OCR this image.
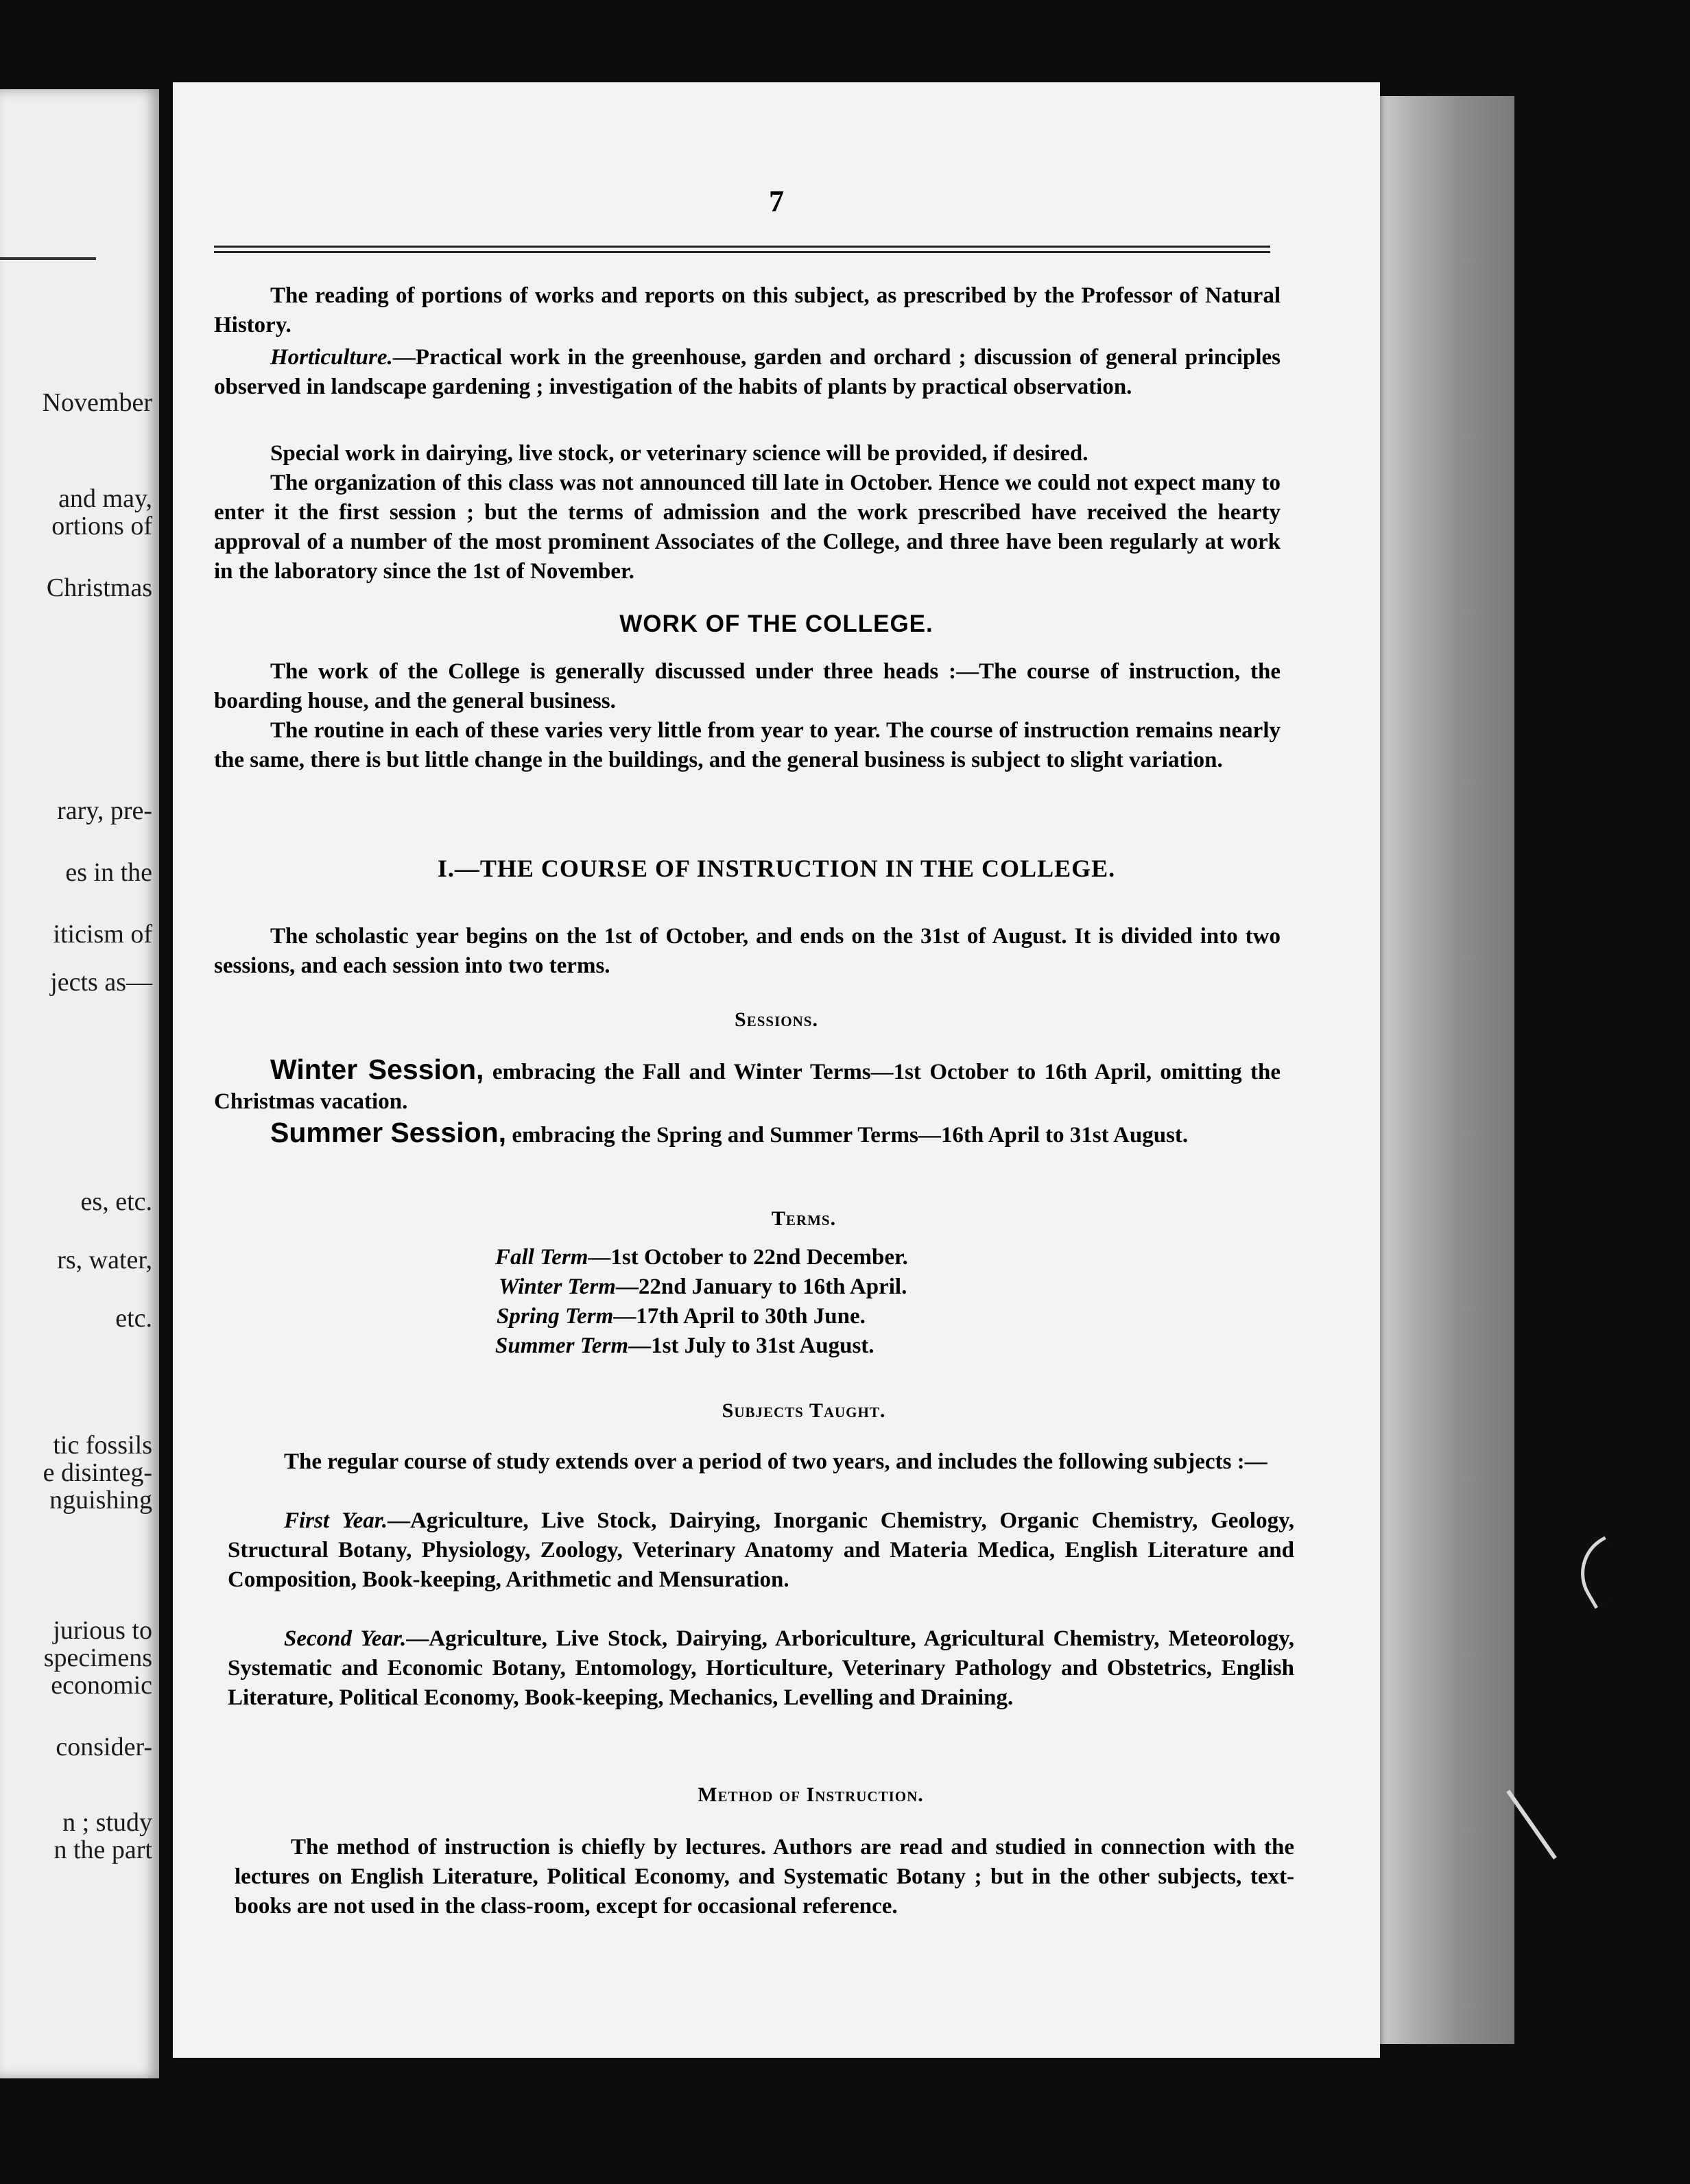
November
and may,
ortions of
Christmas
rary, pre-
es in the
iticism of
jects as—
es, etc.
rs, water,
etc.
tic fossils
e disinteg-
nguishing
jurious to
specimens
economic
consider-
n ; study
n the part
7
The reading of portions of works and reports on this subject, as prescribed by the Professor of Natural History.
Horticulture.—Practical work in the greenhouse, garden and orchard ; discussion of general principles observed in landscape gardening ; investigation of the habits of plants by practical observation.
Special work in dairying, live stock, or veterinary science will be provided, if desired.
The organization of this class was not announced till late in October. Hence we could not expect many to enter it the first session ; but the terms of admission and the work prescribed have received the hearty approval of a number of the most prominent Associates of the College, and three have been regularly at work in the laboratory since the 1st of November.
WORK OF THE COLLEGE.
The work of the College is generally discussed under three heads :—The course of instruction, the boarding house, and the general business.
The routine in each of these varies very little from year to year. The course of instruction remains nearly the same, there is but little change in the buildings, and the general business is subject to slight variation.
I.—THE COURSE OF INSTRUCTION IN THE COLLEGE.
The scholastic year begins on the 1st of October, and ends on the 31st of August. It is divided into two sessions, and each session into two terms.
Sessions.
Winter Session, embracing the Fall and Winter Terms—1st October to 16th April, omitting the Christmas vacation.
Summer Session, embracing the Spring and Summer Terms—16th April to 31st August.
Terms.
Fall Term—1st October to 22nd December.
Winter Term—22nd January to 16th April.
Spring Term—17th April to 30th June.
Summer Term—1st July to 31st August.
Subjects Taught.
The regular course of study extends over a period of two years, and includes the following subjects :—
First Year.—Agriculture, Live Stock, Dairying, Inorganic Chemistry, Organic Chemistry, Geology, Structural Botany, Physiology, Zoology, Veterinary Anatomy and Materia Medica, English Literature and Composition, Book-keeping, Arithmetic and Mensuration.
Second Year.—Agriculture, Live Stock, Dairying, Arboriculture, Agricultural Chemistry, Meteorology, Systematic and Economic Botany, Entomology, Horticulture, Veterinary Pathology and Obstetrics, English Literature, Political Economy, Book-keeping, Mechanics, Levelling and Draining.
Method of Instruction.
The method of instruction is chiefly by lectures. Authors are read and studied in connection with the lectures on English Literature, Political Economy, and Systematic Botany ; but in the other subjects, text-books are not used in the class-room, except for occasional reference.
